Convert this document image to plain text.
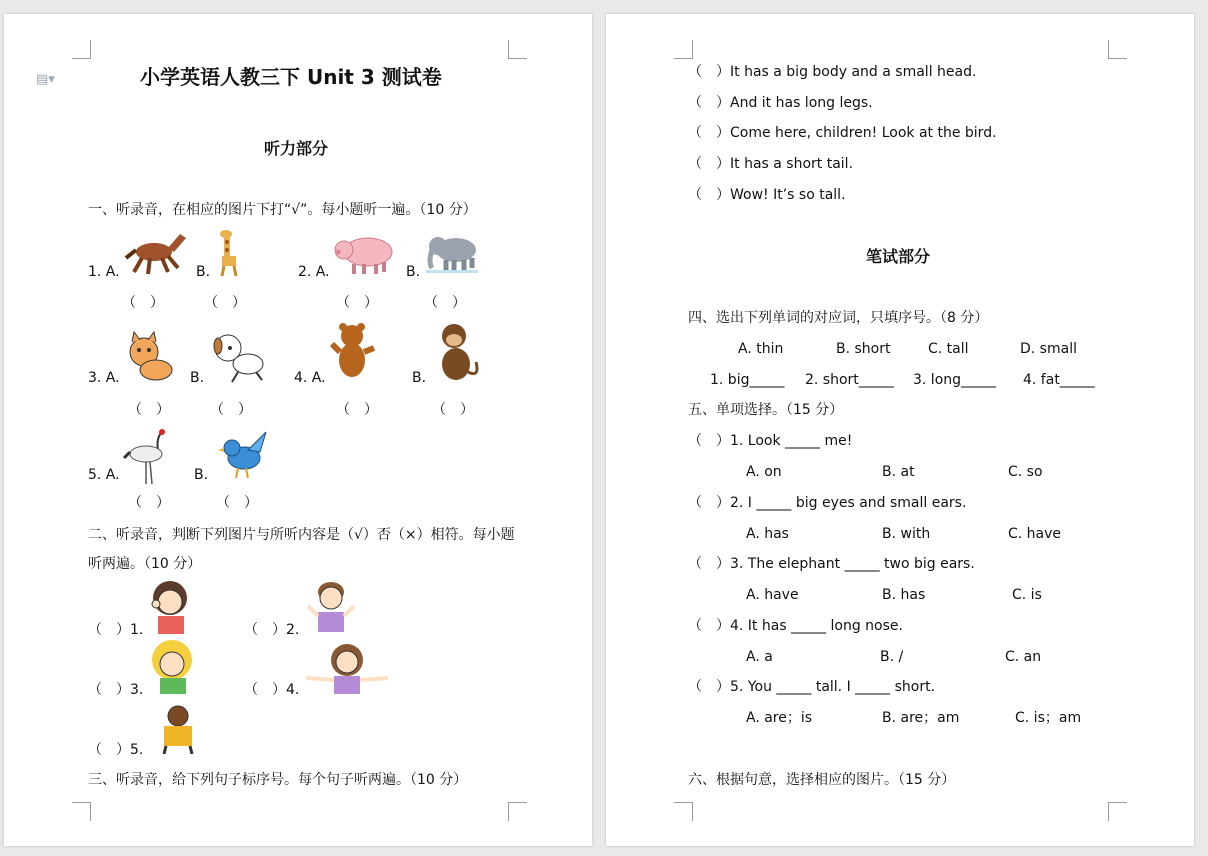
▤▾	小学英语人教三下 Unit 3 测试卷
听力部分
一、听录音，在相应的图片下打“√”。每小题听一遍。（10 分）
1. A.	B.	2. A.	B.
（　）	（　）	（　）	（　）
3. A.	B.	4. A.	B.
（　）	（　）	（　）	（　）
5. A.	B.
（　）	（　）
二、听录音，判断下列图片与所听内容是（√）否（×）相符。每小题
听两遍。（10 分）
（　）1.	（　）2.
（　）3.	（　）4.
（　）5.
三、听录音，给下列句子标序号。每个句子听两遍。（10 分）
（　）It has a big body and a small head.
（　）And it has long legs.
（　）Come here, children! Look at the bird.
（　）It has a short tail.
（　）Wow! It’s so tall.
笔试部分
四、选出下列单词的对应词，只填序号。（8 分）
A. thin	B. short	C. tall	D. small
1. big_____ 2. short_____ 3. long_____ 4. fat_____
五、单项选择。（15 分）
（　）1. Look _____ me!
A. on	B. at	C. so
（　）2. I _____ big eyes and small ears.
A. has	B. with	C. have
（　）3. The elephant _____ two big ears.
A. have	B. has	C. is
（　）4. It has _____ long nose.
A. a	B. /	C. an
（　）5. You _____ tall. I _____ short.
A. are；is	B. are；am	C. is；am
六、根据句意，选择相应的图片。（15 分）
